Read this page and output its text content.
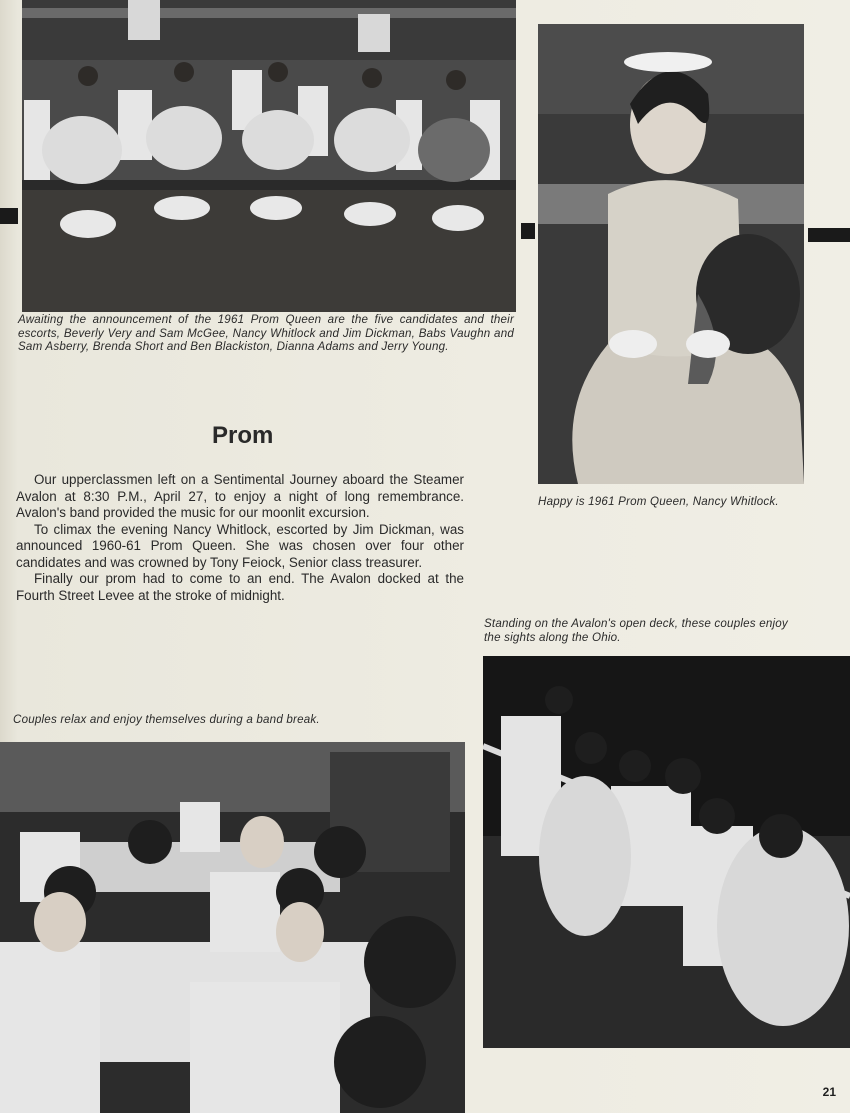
Awaiting the announcement of the 1961 Prom Queen are the five candidates and their escorts, Beverly Very and Sam McGee, Nancy Whitlock and Jim Dickman, Babs Vaughn and Sam Asberry, Brenda Short and Ben Blackiston, Dianna Adams and Jerry Young.
Happy is 1961 Prom Queen, Nancy Whitlock.
Prom

Our upperclassmen left on a Sentimental Journey aboard the Steamer Avalon at 8:30 P.M., April 27, to enjoy a night of long remembrance. Avalon's band provided the music for our moonlit excursion.

To climax the evening Nancy Whitlock, escorted by Jim Dickman, was announced 1960-61 Prom Queen. She was chosen over four other candidates and was crowned by Tony Feiock, Senior class treasurer.

Finally our prom had to come to an end. The Avalon docked at the Fourth Street Levee at the stroke of midnight.

Standing on the Avalon's open deck, these couples enjoy the sights along the Ohio.
Couples relax and enjoy themselves during a band break.
21
